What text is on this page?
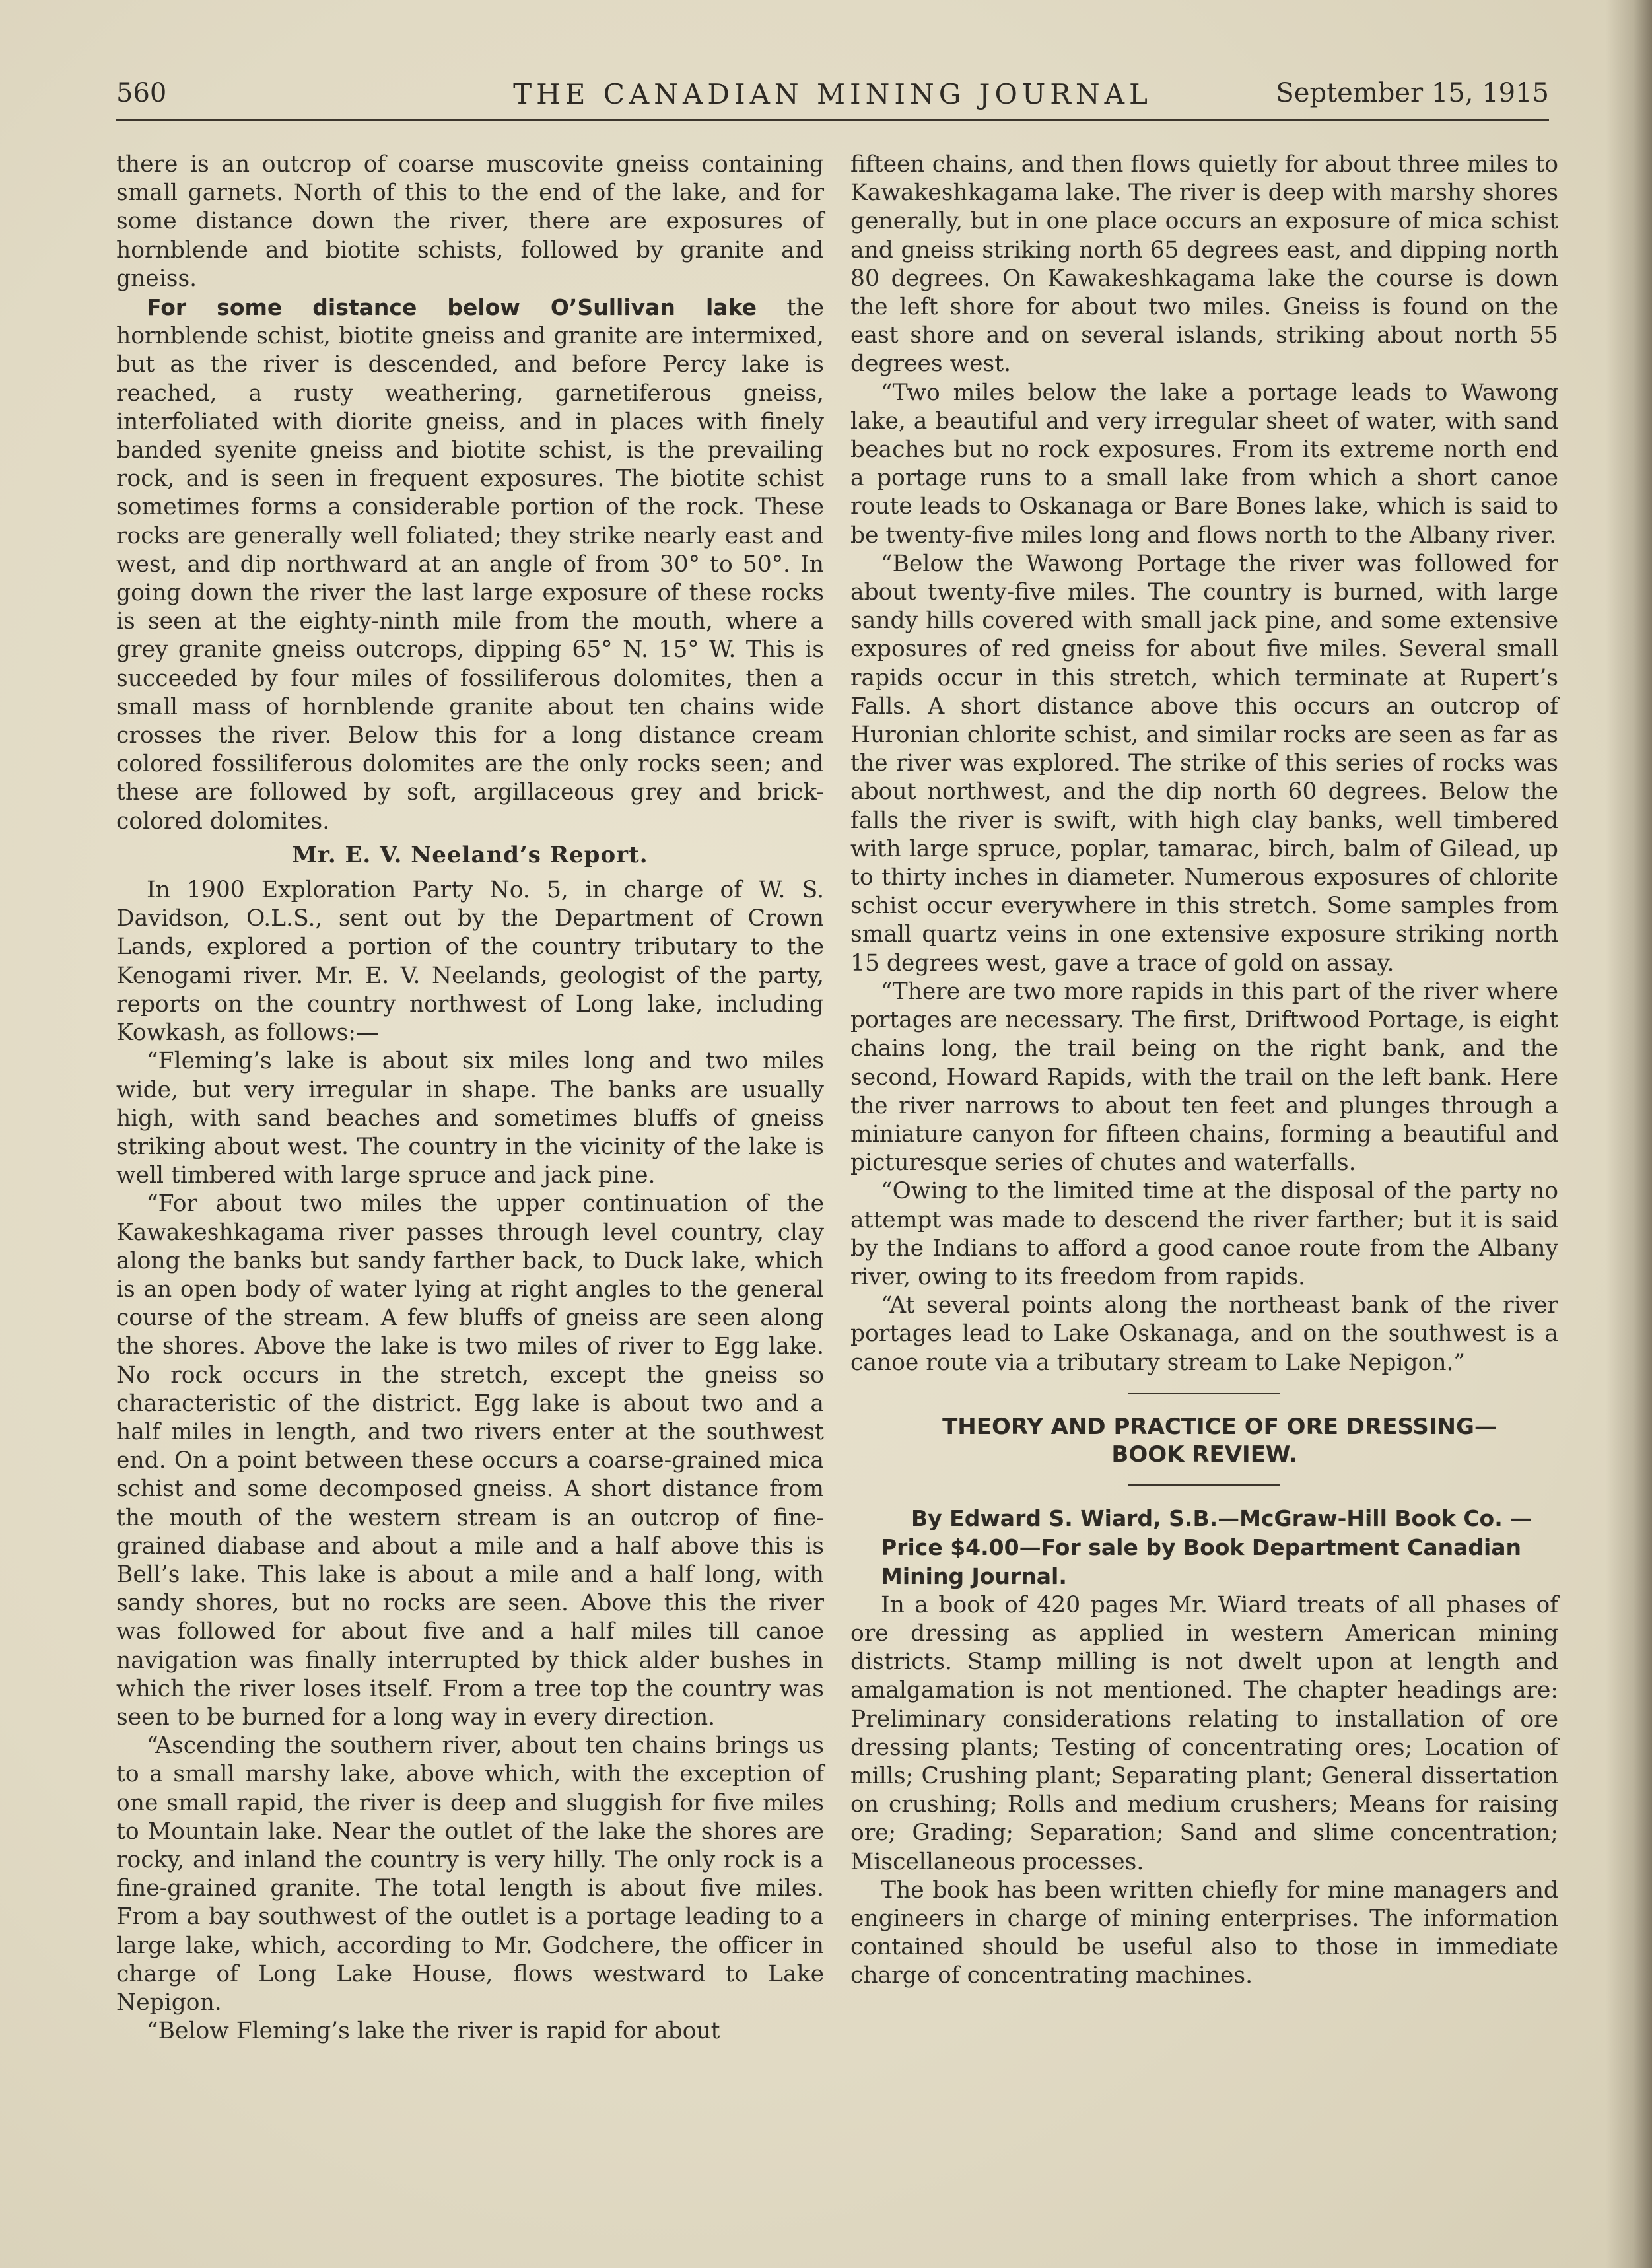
THE CANADIAN MINING JOURNAL
560	September 15, 1915

there is an outcrop of coarse muscovite gneiss containing small garnets. North of this to the end of the lake, and for some distance down the river, there are exposures of hornblende and biotite schists, followed by granite and gneiss.

For some distance below O’Sullivan lake the hornblende schist, biotite gneiss and granite are intermixed, but as the river is descended, and before Percy lake is reached, a rusty weathering, garnetiferous gneiss, interfoliated with diorite gneiss, and in places with finely banded syenite gneiss and biotite schist, is the prevailing rock, and is seen in frequent exposures. The biotite schist sometimes forms a considerable portion of the rock. These rocks are generally well foliated; they strike nearly east and west, and dip northward at an angle of from 30° to 50°. In going down the river the last large exposure of these rocks is seen at the eighty-ninth mile from the mouth, where a grey granite gneiss outcrops, dipping 65° N. 15° W. This is succeeded by four miles of fossiliferous dolomites, then a small mass of hornblende granite about ten chains wide crosses the river. Below this for a long distance cream colored fossiliferous dolomites are the only rocks seen; and these are followed by soft, argillaceous grey and brick-colored dolomites.

Mr. E. V. Neeland’s Report.

In 1900 Exploration Party No. 5, in charge of W. S. Davidson, O.L.S., sent out by the Department of Crown Lands, explored a portion of the country tributary to the Kenogami river. Mr. E. V. Neelands, geologist of the party, reports on the country northwest of Long lake, including Kowkash, as follows:—

“Fleming’s lake is about six miles long and two miles wide, but very irregular in shape. The banks are usually high, with sand beaches and sometimes bluffs of gneiss striking about west. The country in the vicinity of the lake is well timbered with large spruce and jack pine.

“For about two miles the upper continuation of the Kawakeshkagama river passes through level country, clay along the banks but sandy farther back, to Duck lake, which is an open body of water lying at right angles to the general course of the stream. A few bluffs of gneiss are seen along the shores. Above the lake is two miles of river to Egg lake. No rock occurs in the stretch, except the gneiss so characteristic of the district. Egg lake is about two and a half miles in length, and two rivers enter at the southwest end. On a point between these occurs a coarse-grained mica schist and some decomposed gneiss. A short distance from the mouth of the western stream is an outcrop of fine-grained diabase and about a mile and a half above this is Bell’s lake. This lake is about a mile and a half long, with sandy shores, but no rocks are seen. Above this the river was followed for about five and a half miles till canoe navigation was finally interrupted by thick alder bushes in which the river loses itself. From a tree top the country was seen to be burned for a long way in every direction.

“Ascending the southern river, about ten chains brings us to a small marshy lake, above which, with the exception of one small rapid, the river is deep and sluggish for five miles to Mountain lake. Near the outlet of the lake the shores are rocky, and inland the country is very hilly. The only rock is a fine-grained granite. The total length is about five miles. From a bay southwest of the outlet is a portage leading to a large lake, which, according to Mr. Godchere, the officer in charge of Long Lake House, flows westward to Lake Nepigon.

“Below Fleming’s lake the river is rapid for about

fifteen chains, and then flows quietly for about three miles to Kawakeshkagama lake. The river is deep with marshy shores generally, but in one place occurs an exposure of mica schist and gneiss striking north 65 degrees east, and dipping north 80 degrees. On Kawakeshkagama lake the course is down the left shore for about two miles. Gneiss is found on the east shore and on several islands, striking about north 55 degrees west.

“Two miles below the lake a portage leads to Wawong lake, a beautiful and very irregular sheet of water, with sand beaches but no rock exposures. From its extreme north end a portage runs to a small lake from which a short canoe route leads to Oskanaga or Bare Bones lake, which is said to be twenty-five miles long and flows north to the Albany river.

“Below the Wawong Portage the river was followed for about twenty-five miles. The country is burned, with large sandy hills covered with small jack pine, and some extensive exposures of red gneiss for about five miles. Several small rapids occur in this stretch, which terminate at Rupert’s Falls. A short distance above this occurs an outcrop of Huronian chlorite schist, and similar rocks are seen as far as the river was explored. The strike of this series of rocks was about northwest, and the dip north 60 degrees. Below the falls the river is swift, with high clay banks, well timbered with large spruce, poplar, tamarac, birch, balm of Gilead, up to thirty inches in diameter. Numerous exposures of chlorite schist occur everywhere in this stretch. Some samples from small quartz veins in one extensive exposure striking north 15 degrees west, gave a trace of gold on assay.

“There are two more rapids in this part of the river where portages are necessary. The first, Driftwood Portage, is eight chains long, the trail being on the right bank, and the second, Howard Rapids, with the trail on the left bank. Here the river narrows to about ten feet and plunges through a miniature canyon for fifteen chains, forming a beautiful and picturesque series of chutes and waterfalls.

“Owing to the limited time at the disposal of the party no attempt was made to descend the river farther; but it is said by the Indians to afford a good canoe route from the Albany river, owing to its freedom from rapids.

“At several points along the northeast bank of the river portages lead to Lake Oskanaga, and on the southwest is a canoe route via a tributary stream to Lake Nepigon.”

THEORY AND PRACTICE OF ORE DRESSING—
BOOK REVIEW.

By Edward S. Wiard, S.B.—McGraw-Hill Book Co. —Price $4.00—For sale by Book Department Canadian Mining Journal.

In a book of 420 pages Mr. Wiard treats of all phases of ore dressing as applied in western American mining districts. Stamp milling is not dwelt upon at length and amalgamation is not mentioned. The chapter headings are: Preliminary considerations relating to installation of ore dressing plants; Testing of concentrating ores; Location of mills; Crushing plant; Separating plant; General dissertation on crushing; Rolls and medium crushers; Means for raising ore; Grading; Separation; Sand and slime concentration; Miscellaneous processes.

The book has been written chiefly for mine managers and engineers in charge of mining enterprises. The information contained should be useful also to those in immediate charge of concentrating machines.
